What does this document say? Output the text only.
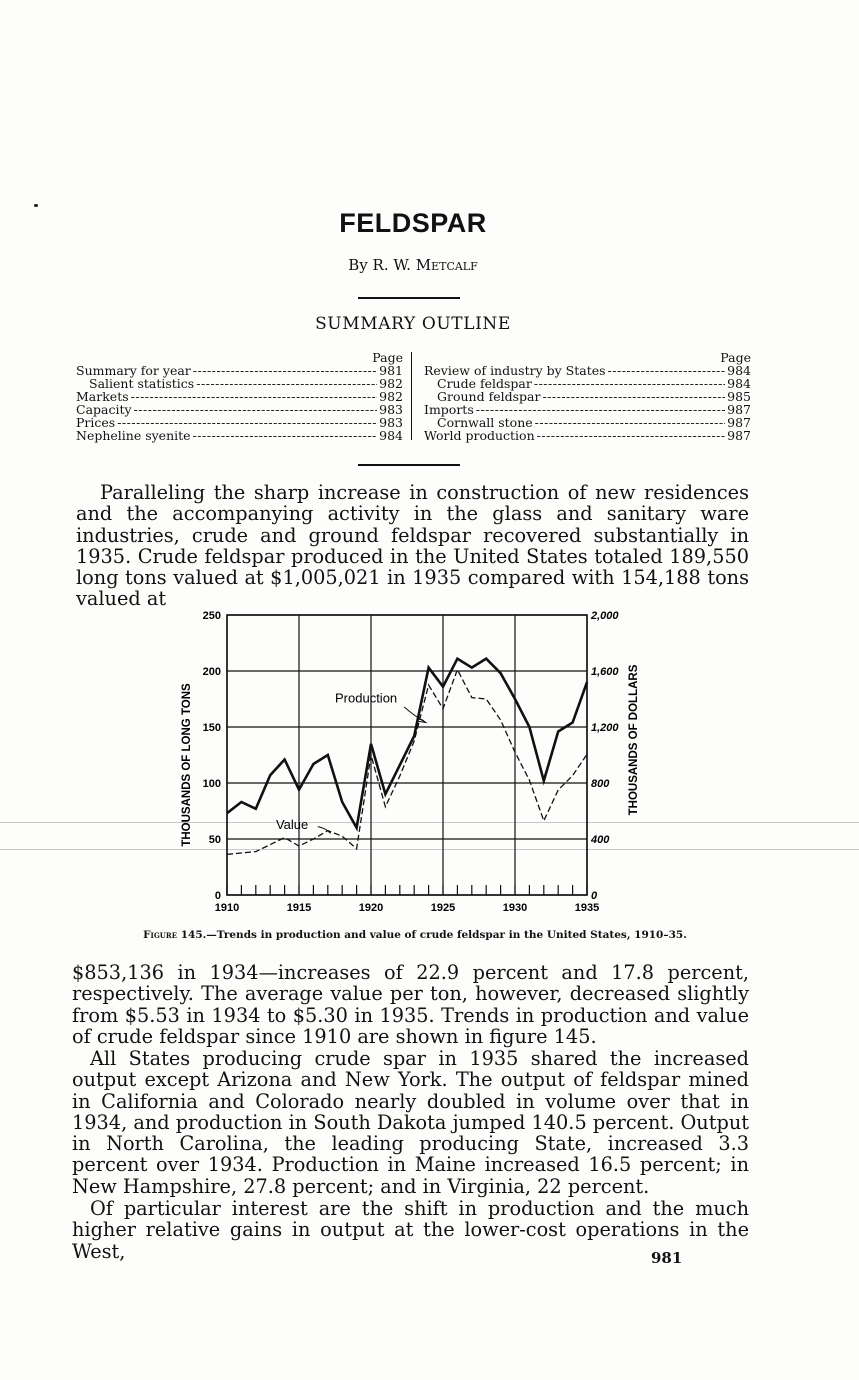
FELDSPAR
By R. W. Metcalf
SUMMARY OUTLINE
Page
Summary for year -----	981
Salient statistics -----	982
Markets -----	982
Capacity -----	983
Prices -----	983
Nepheline syenite -----	984
Page
Review of industry by States -----	984
Crude feldspar -----	984
Ground feldspar -----	985
Imports -----	987
Cornwall stone -----	987
World production -----	987
Paralleling the sharp increase in construction of new residences and the accompanying activity in the glass and sanitary ware industries, crude and ground feldspar recovered substantially in 1935. Crude feldspar produced in the United States totaled 189,550 long tons valued at $1,005,021 in 1935 compared with 154,188 tons valued at
1910	1915	1920	1925	1930	1935
0
50
100
150
200
250
0
400
800
1,200
1,600
2,000
THOUSANDS OF LONG TONS	THOUSANDS OF DOLLARS
Production
Value
Figure 145.—Trends in production and value of crude feldspar in the United States, 1910–35.
$853,136 in 1934—increases of 22.9 percent and 17.8 percent, respectively. The average value per ton, however, decreased slightly from $5.53 in 1934 to $5.30 in 1935. Trends in production and value of crude feldspar since 1910 are shown in figure 145.
All States producing crude spar in 1935 shared the increased output except Arizona and New York. The output of feldspar mined in California and Colorado nearly doubled in volume over that in 1934, and production in South Dakota jumped 140.5 percent. Output in North Carolina, the leading producing State, increased 3.3 percent over 1934. Production in Maine increased 16.5 percent; in New Hampshire, 27.8 percent; and in Virginia, 22 percent.
Of particular interest are the shift in production and the much higher relative gains in output at the lower-cost operations in the West,	981
